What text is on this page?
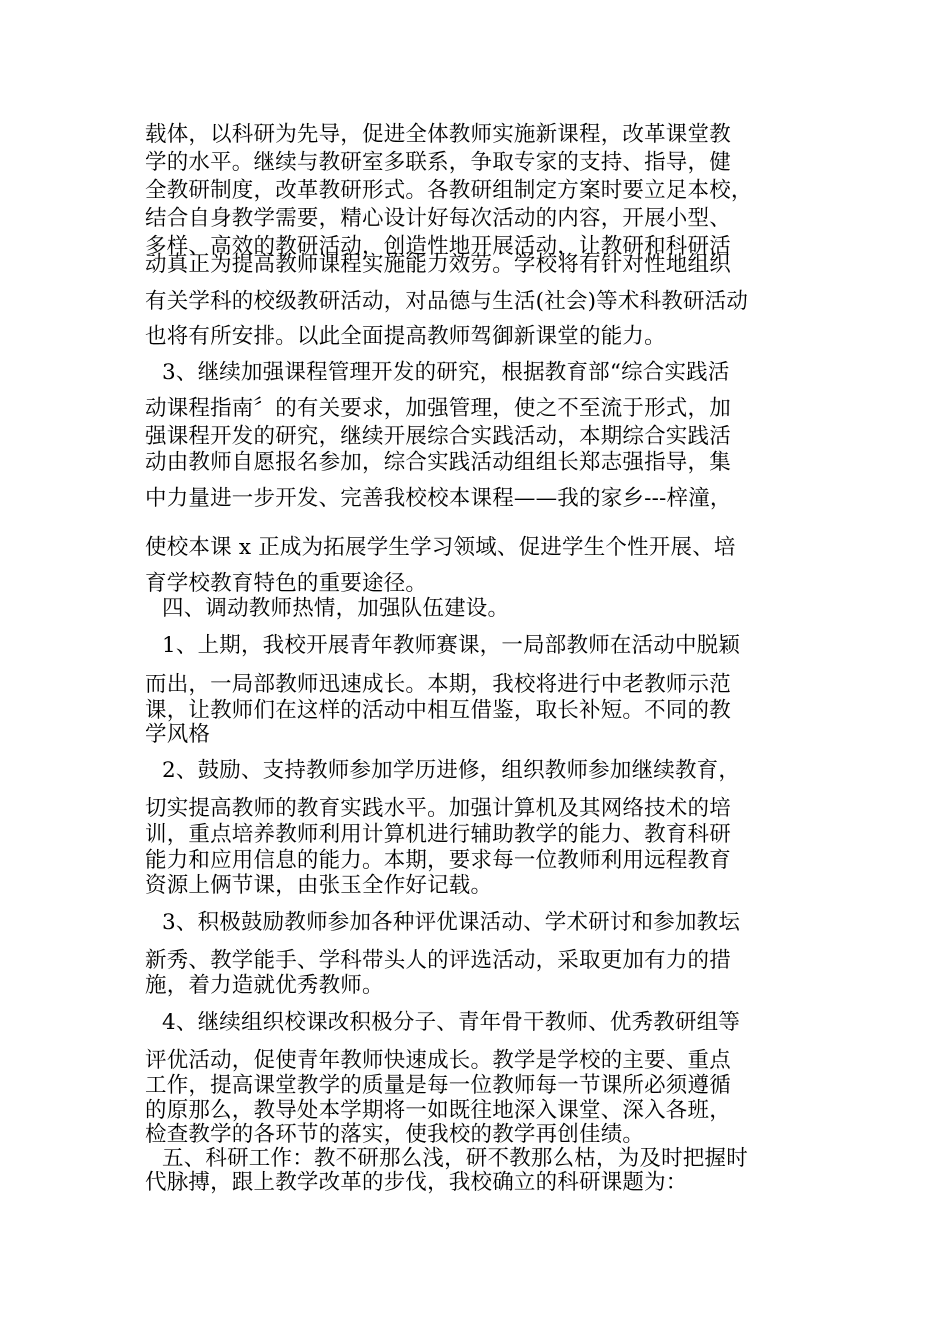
载体，以科研为先导，促进全体教师实施新课程，改革课堂教
学的水平。继续与教研室多联系，争取专家的支持、指导，健
全教研制度，改革教研形式。各教研组制定方案时要立足本校，
结合自身教学需要，精心设计好每次活动的内容，开展小型、
多样、高效的教研活动，创造性地开展活动，让教研和科研活
动真正为提高教师课程实施能力效劳。学校将有针对性地组织
有关学科的校级教研活动，对品德与生活(社会)等术科教研活动
也将有所安排。以此全面提高教师驾御新课堂的能力。
3、继续加强课程管理开发的研究，根据教育部“综合实践活
动课程指南〞的有关要求，加强管理，使之不至流于形式，加
强课程开发的研究，继续开展综合实践活动，本期综合实践活
动由教师自愿报名参加，综合实践活动组组长郑志强指导，集
中力量进一步开发、完善我校校本课程——我的家乡---梓潼，
使校本课 x 正成为拓展学生学习领域、促进学生个性开展、培
育学校教育特色的重要途径。
四、调动教师热情，加强队伍建设。
1、上期，我校开展青年教师赛课，一局部教师在活动中脱颖
而出，一局部教师迅速成长。本期，我校将进行中老教师示范
课，让教师们在这样的活动中相互借鉴，取长补短。不同的教
学风格
2、鼓励、支持教师参加学历进修，组织教师参加继续教育，
切实提高教师的教育实践水平。加强计算机及其网络技术的培
训，重点培养教师利用计算机进行辅助教学的能力、教育科研
能力和应用信息的能力。本期，要求每一位教师利用远程教育
资源上俩节课，由张玉全作好记载。
3、积极鼓励教师参加各种评优课活动、学术研讨和参加教坛
新秀、教学能手、学科带头人的评选活动，采取更加有力的措
施，着力造就优秀教师。
4、继续组织校课改积极分子、青年骨干教师、优秀教研组等
评优活动，促使青年教师快速成长。教学是学校的主要、重点
工作，提高课堂教学的质量是每一位教师每一节课所必须遵循
的原那么，教导处本学期将一如既往地深入课堂、深入各班，
检查教学的各环节的落实，使我校的教学再创佳绩。
五、科研工作：教不研那么浅，研不教那么枯，为及时把握时
代脉搏，跟上教学改革的步伐，我校确立的科研课题为：
